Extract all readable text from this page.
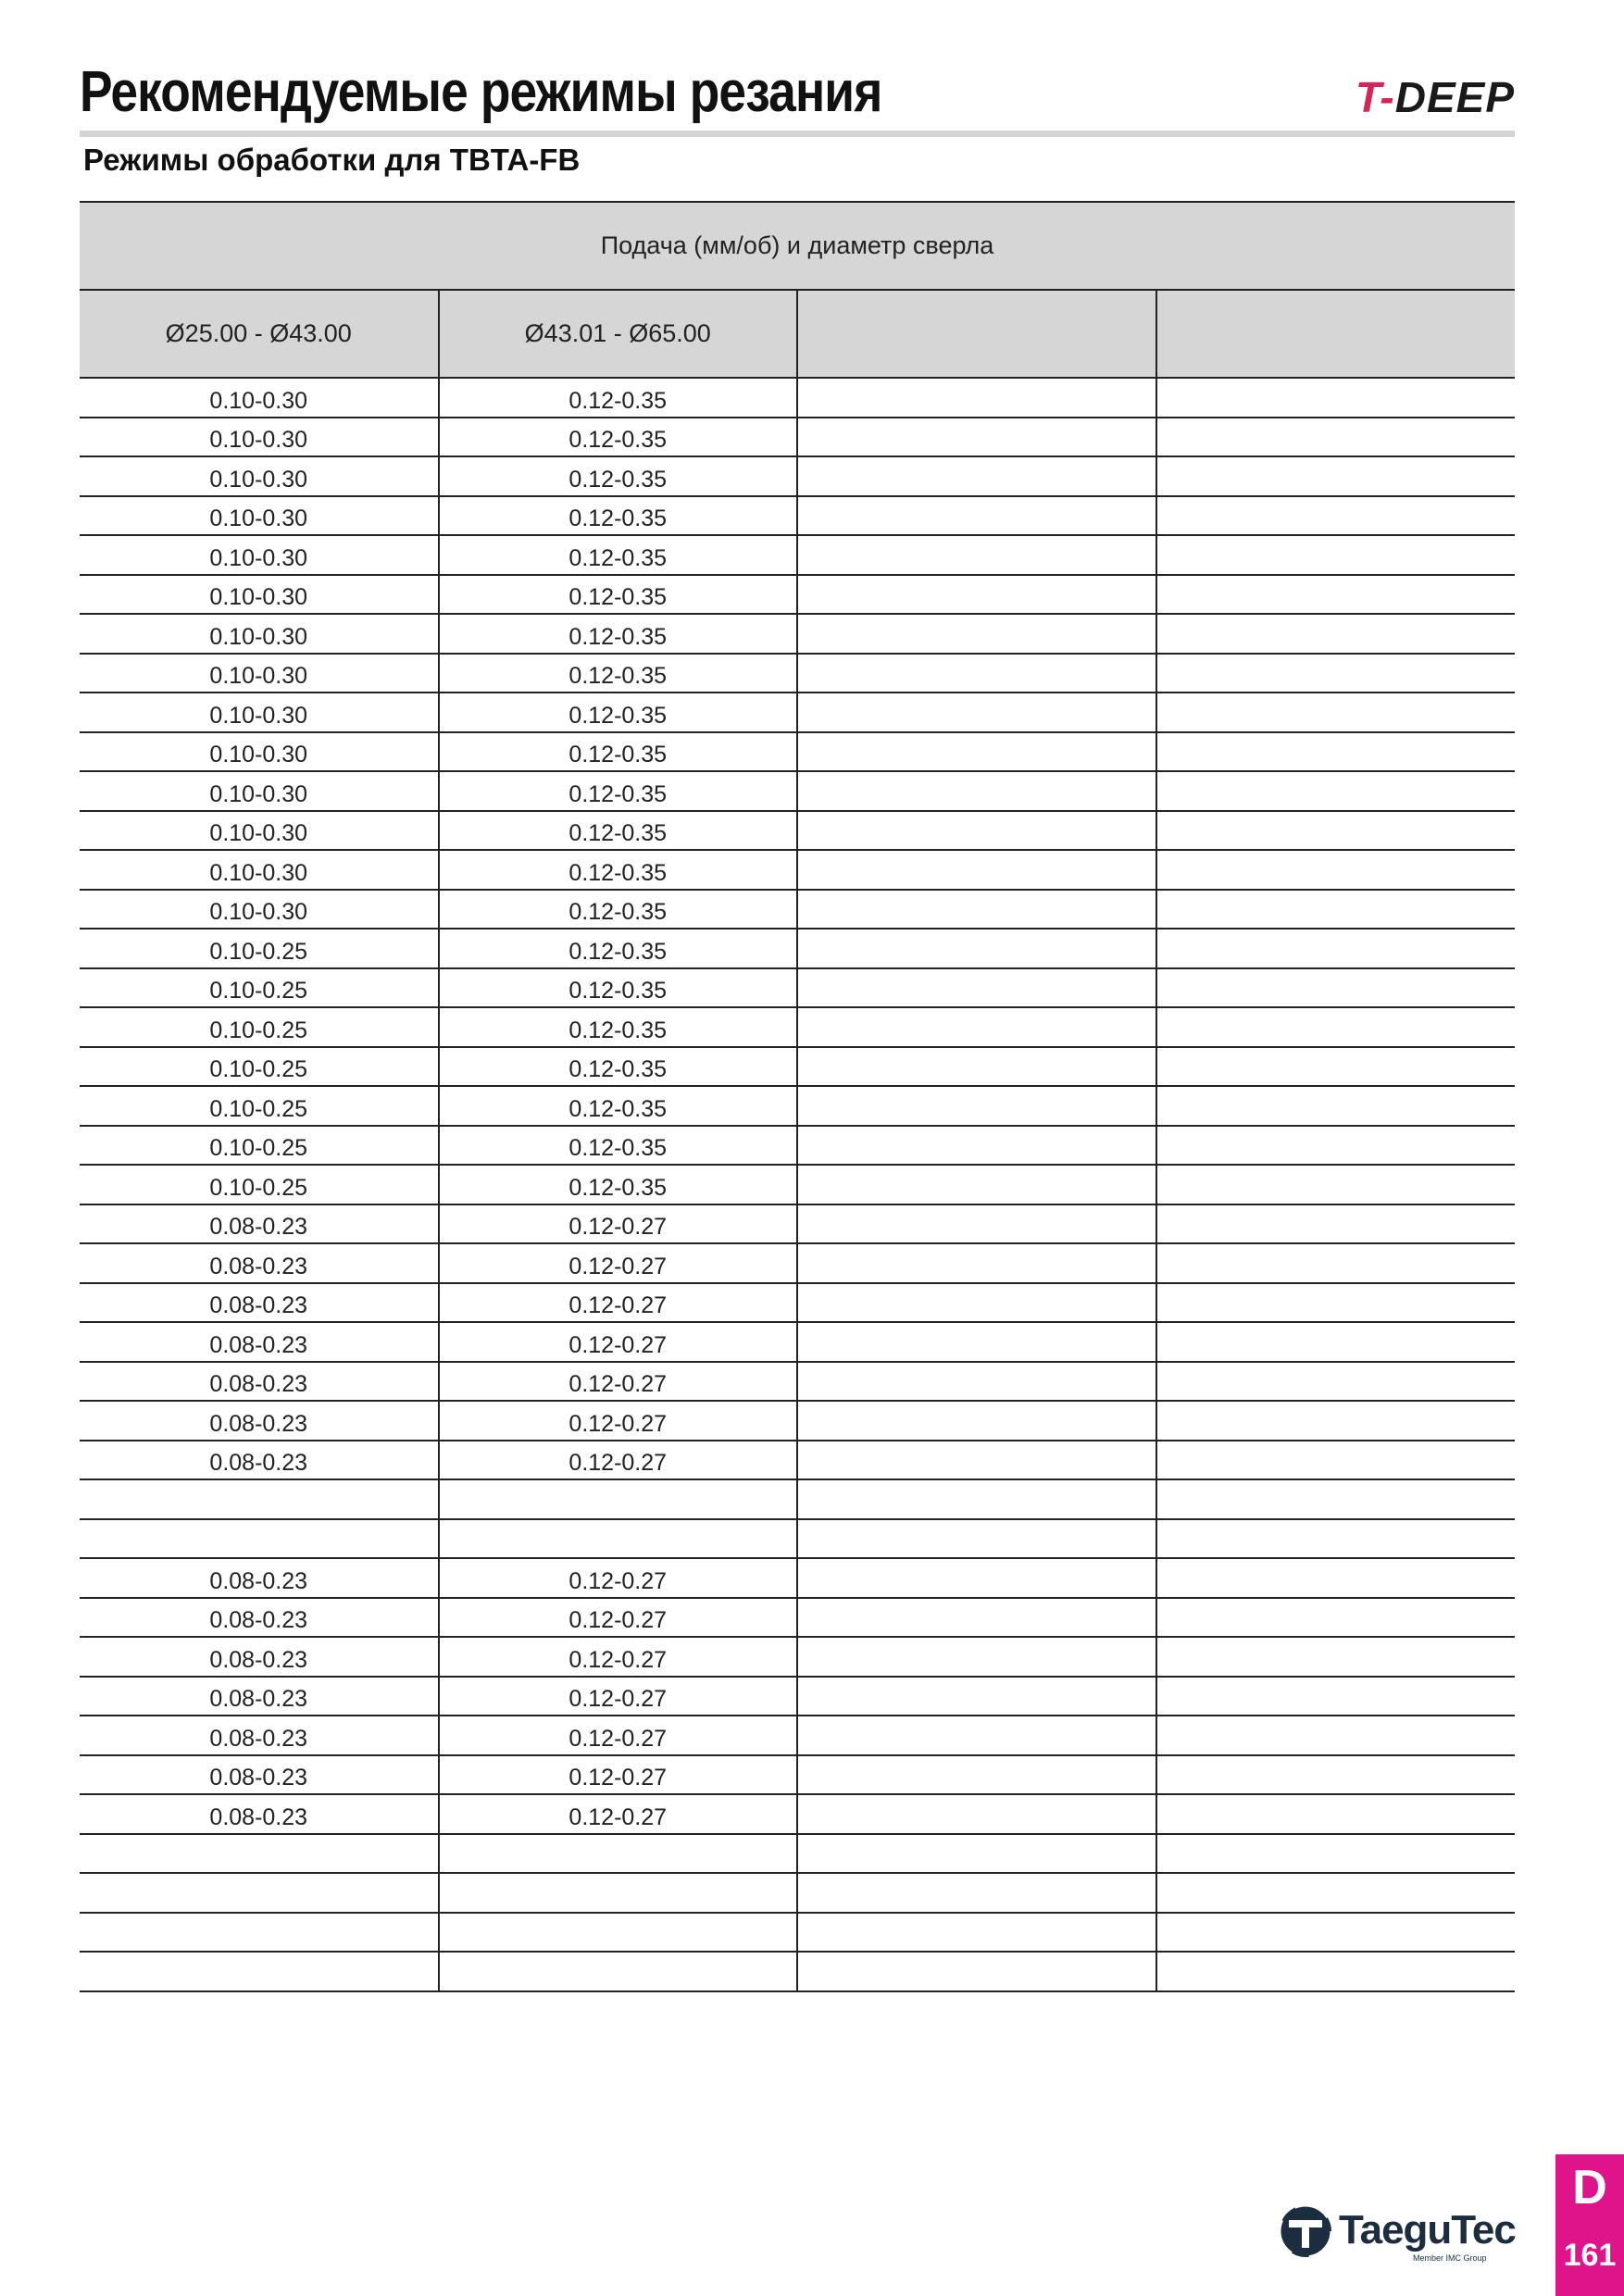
Рекомендуемые режимы резания	T-DEEP
Режимы обработки для TBTA-FB
Подача (мм/об) и диаметр сверла			
Ø25.00 - Ø43.00	Ø43.01 - Ø65.00		
0.10-0.30	0.12-0.35		
0.10-0.30	0.12-0.35		
0.10-0.30	0.12-0.35		
0.10-0.30	0.12-0.35		
0.10-0.30	0.12-0.35		
0.10-0.30	0.12-0.35		
0.10-0.30	0.12-0.35		
0.10-0.30	0.12-0.35		
0.10-0.30	0.12-0.35		
0.10-0.30	0.12-0.35		
0.10-0.30	0.12-0.35		
0.10-0.30	0.12-0.35		
0.10-0.30	0.12-0.35		
0.10-0.30	0.12-0.35		
0.10-0.25	0.12-0.35		
0.10-0.25	0.12-0.35		
0.10-0.25	0.12-0.35		
0.10-0.25	0.12-0.35		
0.10-0.25	0.12-0.35		
0.10-0.25	0.12-0.35		
0.10-0.25	0.12-0.35		
0.08-0.23	0.12-0.27		
0.08-0.23	0.12-0.27		
0.08-0.23	0.12-0.27		
0.08-0.23	0.12-0.27		
0.08-0.23	0.12-0.27		
0.08-0.23	0.12-0.27		
0.08-0.23	0.12-0.27		

0.08-0.23	0.12-0.27		
0.08-0.23	0.12-0.27		
0.08-0.23	0.12-0.27		
0.08-0.23	0.12-0.27		
0.08-0.23	0.12-0.27		
0.08-0.23	0.12-0.27		
0.08-0.23	0.12-0.27		

TaeguTec
Member IMC Group
D
161
